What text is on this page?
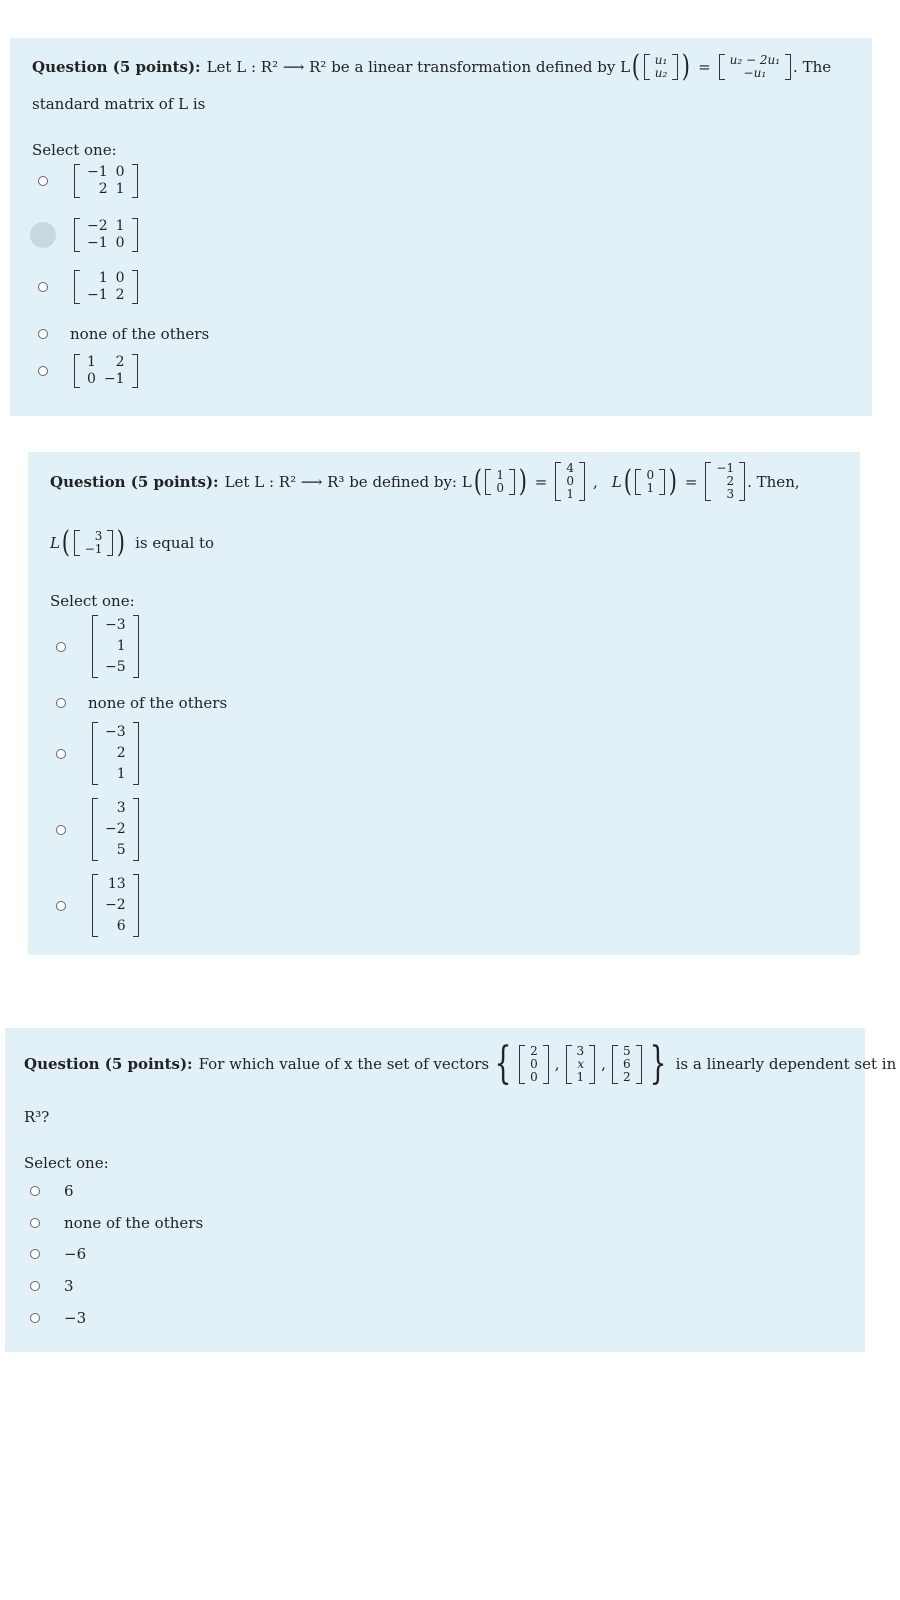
Question (5 points): Let L : R² ⟶ R² be a linear transformation defined by L ( u₁
u₂ ) = u₂ − 2u₁
−u₁	. The
standard matrix of L is
Select one:
−1 0
2 1
−2 1
−1 0
1 0
−1 2
none of the others
1	2
0 −1
Question (5 points): Let L : R² ⟶ R³ be defined by: L ( 1
0 ) =
4
0
1
, L ( 0
1 ) =
−1
2
3
. Then,
L (	3
−1 ) is equal to
Select one:
−3
1
−5
none of the others
−3
2
1
3
−2
5
13
−2
6
Question (5 points): For which value of x the set of vectors { 2
0
0
,
3
x
1
,
5
6
2 } is a linearly dependent set in
R³?
Select one:
6
none of the others
−6
3
−3
